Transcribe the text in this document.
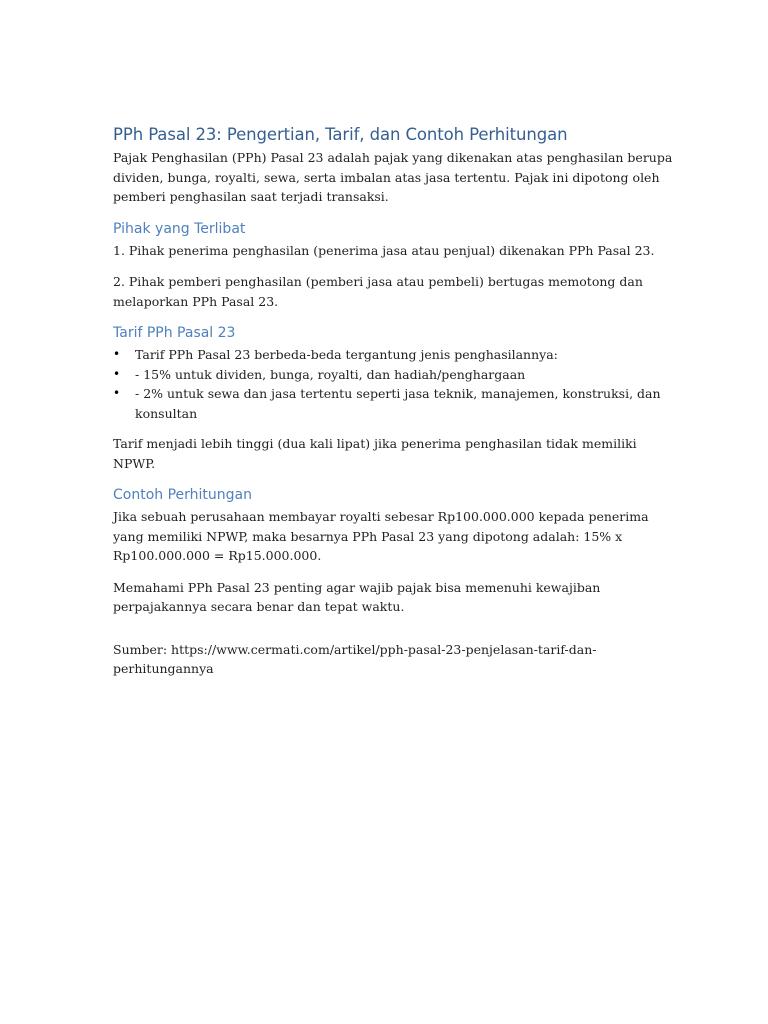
PPh Pasal 23: Pengertian, Tarif, dan Contoh Perhitungan

Pajak Penghasilan (PPh) Pasal 23 adalah pajak yang dikenakan atas penghasilan berupa dividen, bunga, royalti, sewa, serta imbalan atas jasa tertentu. Pajak ini dipotong oleh pemberi penghasilan saat terjadi transaksi.

Pihak yang Terlibat

1. Pihak penerima penghasilan (penerima jasa atau penjual) dikenakan PPh Pasal 23.

2. Pihak pemberi penghasilan (pemberi jasa atau pembeli) bertugas memotong dan melaporkan PPh Pasal 23.

Tarif PPh Pasal 23
• Tarif PPh Pasal 23 berbeda-beda tergantung jenis penghasilannya:
• - 15% untuk dividen, bunga, royalti, dan hadiah/penghargaan
• - 2% untuk sewa dan jasa tertentu seperti jasa teknik, manajemen, konstruksi, dan konsultan

Tarif menjadi lebih tinggi (dua kali lipat) jika penerima penghasilan tidak memiliki NPWP.

Contoh Perhitungan

Jika sebuah perusahaan membayar royalti sebesar Rp100.000.000 kepada penerima yang memiliki NPWP, maka besarnya PPh Pasal 23 yang dipotong adalah: 15% x Rp100.000.000 = Rp15.000.000.

Memahami PPh Pasal 23 penting agar wajib pajak bisa memenuhi kewajiban perpajakannya secara benar dan tepat waktu.

Sumber: https://www.cermati.com/artikel/pph-pasal-23-penjelasan-tarif-dan-perhitungannya
